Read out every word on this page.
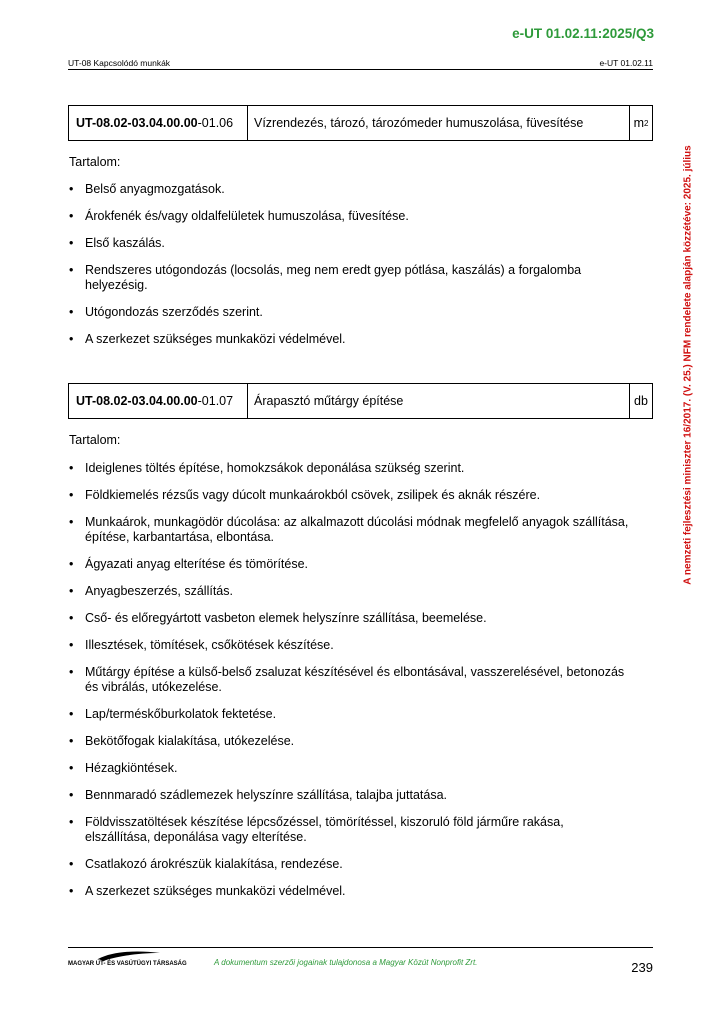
e-UT 01.02.11:2025/Q3
UT-08 Kapcsolódó munkák	e-UT 01.02.11
A nemzeti fejlesztési miniszter 16/2017. (V. 25.) NFM rendelete alapján közzétéve: 2025. július
UT-08.02-03.04.00.00 -01.06	Vízrendezés, tározó, tározómeder humuszolása, füvesítése	m 2
Tartalom:
• Belső anyagmozgatások.
• Árokfenék és/vagy oldalfelületek humuszolása, füvesítése.
• Első kaszálás.
• Rendszeres utógondozás (locsolás, meg nem eredt gyep pótlása, kaszálás) a forgalomba helyezésig.
• Utógondozás szerződés szerint.
• A szerkezet szükséges munkaközi védelmével.
UT-08.02-03.04.00.00 -01.07	Árapasztó műtárgy építése	db
Tartalom:
• Ideiglenes töltés építése, homokzsákok deponálása szükség szerint.
• Földkiemelés rézsűs vagy dúcolt munkaárokból csövek, zsilipek és aknák részére.
• Munkaárok, munkagödör dúcolása: az alkalmazott dúcolási módnak megfelelő anyagok szállítása, építése, karbantartása, elbontása.
• Ágyazati anyag elterítése és tömörítése.
• Anyagbeszerzés, szállítás.
• Cső- és előregyártott vasbeton elemek helyszínre szállítása, beemelése.
• Illesztések, tömítések, csőkötések készítése.
• Műtárgy építése a külső-belső zsaluzat készítésével és elbontásával, vasszerelésével, betonozás és vibrálás, utókezelése.
• Lap/terméskőburkolatok fektetése.
• Bekötőfogak kialakítása, utókezelése.
• Hézagkiöntések.
• Bennmaradó szádlemezek helyszínre szállítása, talajba juttatása.
• Földvisszatöltések készítése lépcsőzéssel, tömörítéssel, kiszoruló föld járműre rakása, elszállítása, deponálása vagy elterítése.
• Csatlakozó árokrészük kialakítása, rendezése.
• A szerkezet szükséges munkaközi védelmével.
MAGYAR ÚT- ÉS VASÚTÜGYI TÁRSASÁG	A dokumentum szerzői jogainak tulajdonosa a Magyar Közút Nonprofit Zrt.	239
